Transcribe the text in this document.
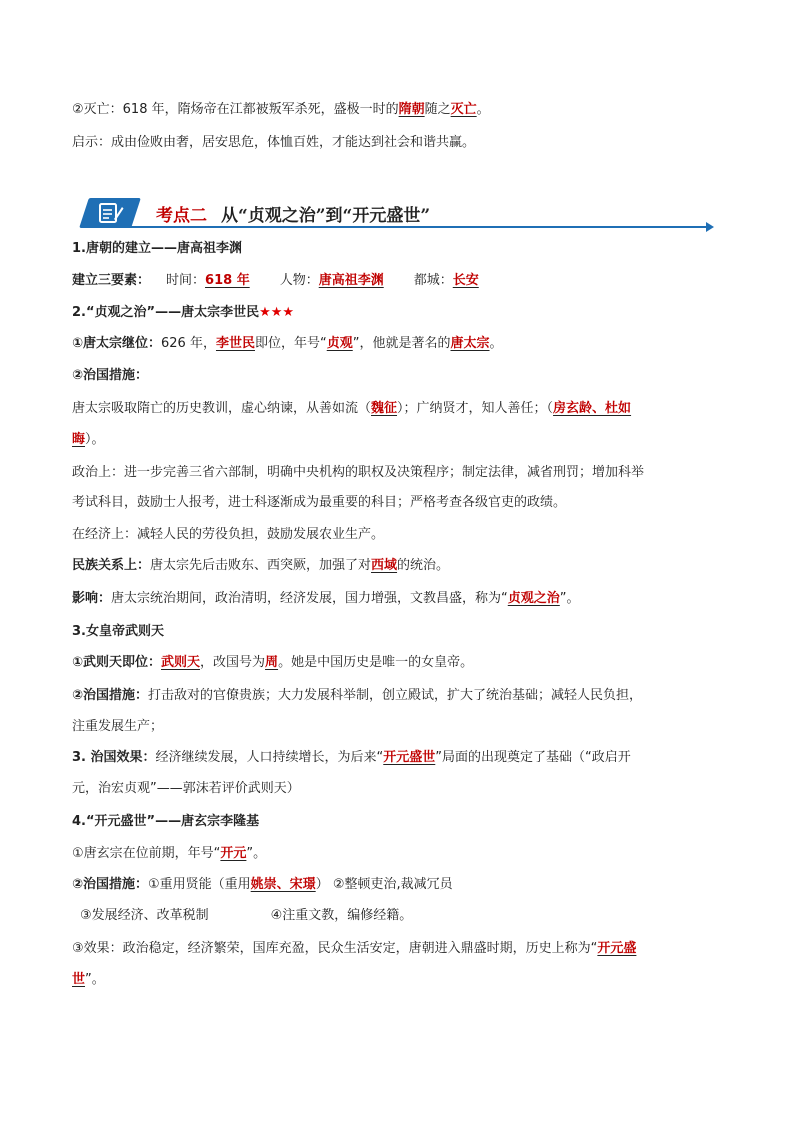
②灭亡：618 年，隋炀帝在江都被叛军杀死，盛极一时的隋朝随之灭亡。
启示：成由俭败由奢，居安思危，体恤百姓，才能达到社会和谐共赢。
考点二 从“贞观之治”到“开元盛世”
1.唐朝的建立——唐高祖李渊
建立三要素： 时间：618 年 人物：唐高祖李渊 都城：长安
2.“贞观之治”——唐太宗李世民★★★
①唐太宗继位：626 年，李世民即位，年号“贞观”，他就是著名的唐太宗。
②治国措施：
唐太宗吸取隋亡的历史教训，虚心纳谏，从善如流（魏征）；广纳贤才，知人善任；（房玄龄、杜如
晦）。
政治上：进一步完善三省六部制，明确中央机构的职权及决策程序；制定法律，减省刑罚；增加科举
考试科目，鼓励士人报考，进士科逐渐成为最重要的科目；严格考查各级官吏的政绩。
在经济上：减轻人民的劳役负担，鼓励发展农业生产。
民族关系上：唐太宗先后击败东、西突厥，加强了对西域的统治。
影响：唐太宗统治期间，政治清明，经济发展，国力增强，文教昌盛，称为“贞观之治”。
3.女皇帝武则天
①武则天即位：武则天，改国号为周。她是中国历史是唯一的女皇帝。
②治国措施：打击敌对的官僚贵族；大力发展科举制，创立殿试，扩大了统治基础；减轻人民负担，
注重发展生产；
3. 治国效果：经济继续发展，人口持续增长，为后来“开元盛世”局面的出现奠定了基础（“政启开
元，治宏贞观”——郭沫若评价武则天）
4.“开元盛世”——唐玄宗李隆基
①唐玄宗在位前期，年号“开元”。
②治国措施：①重用贤能（重用姚崇、宋璟） ②整顿吏治,裁减冗员
③发展经济、改革税制	④注重文教，编修经籍。
③效果：政治稳定，经济繁荣，国库充盈，民众生活安定，唐朝进入鼎盛时期，历史上称为“开元盛
世”。
